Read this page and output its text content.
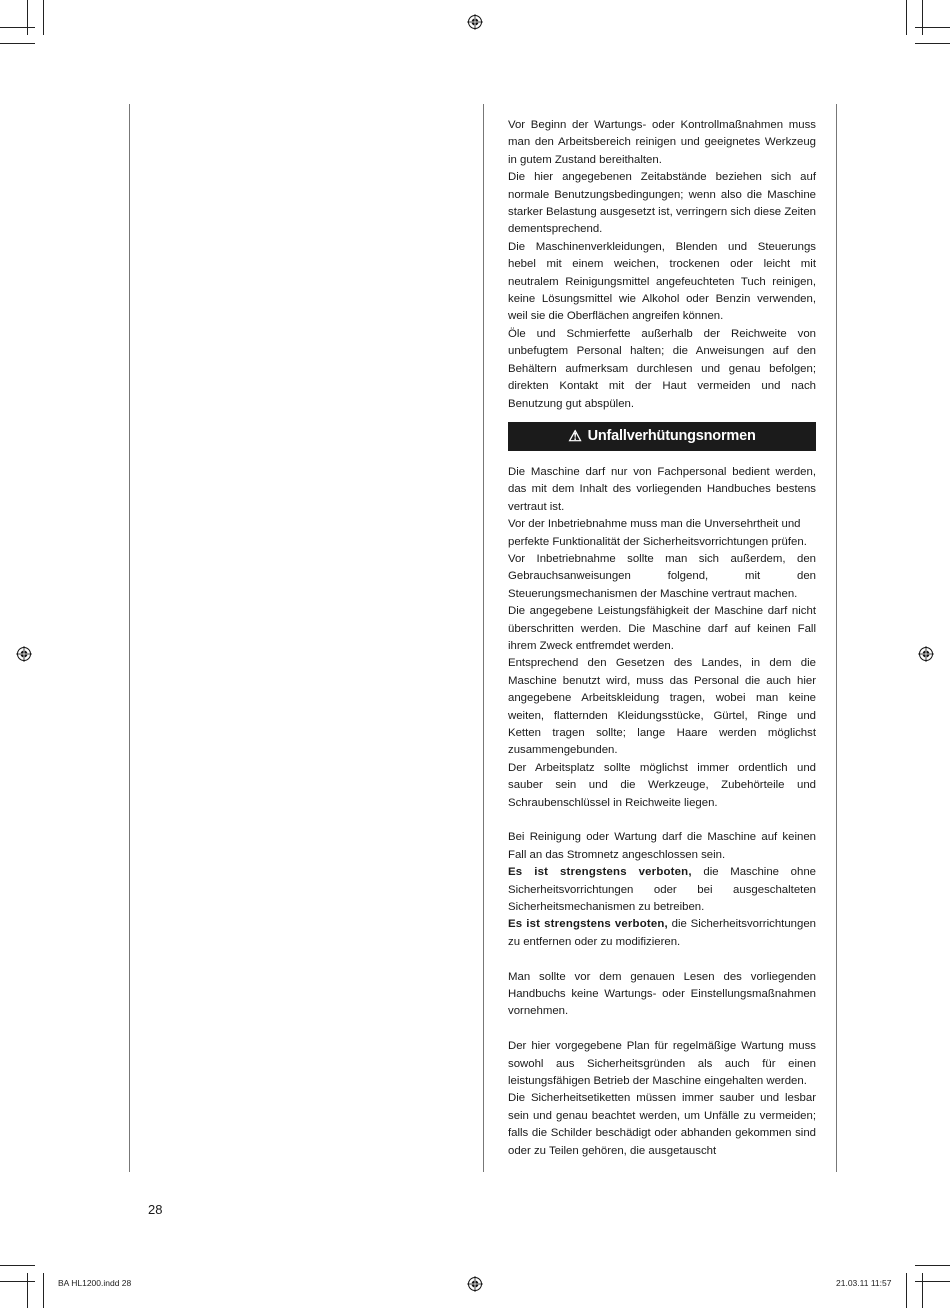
Vor Beginn der Wartungs- oder Kontrollmaßnahmen muss man den Arbeitsbereich reinigen und geeignetes Werkzeug in gutem Zustand bereithalten.

Die hier angegebenen Zeitabstände beziehen sich auf normale Benutzungsbedingungen; wenn also die Maschine starker Belastung ausgesetzt ist, verringern sich diese Zeiten dementsprechend.

Die Maschinenverkleidungen, Blenden und Steuerungs hebel mit einem weichen, trockenen oder leicht mit neutralem Reinigungsmittel angefeuchteten Tuch reinigen, keine Lösungsmittel wie Alkohol oder Benzin verwenden, weil sie die Oberflächen angreifen können.

Öle und Schmierfette außerhalb der Reichweite von unbefugtem Personal halten; die Anweisungen auf den Behältern aufmerksam durchlesen und genau befolgen; direkten Kontakt mit der Haut vermeiden und nach Benutzung gut abspülen.

⚠ Unfallverhütungsnormen

Die Maschine darf nur von Fachpersonal bedient werden, das mit dem Inhalt des vorliegenden Handbuches bestens vertraut ist.

Vor der Inbetriebnahme muss man die Unversehrtheit und perfekte Funktionalität der Sicherheitsvorrichtungen prüfen.

Vor Inbetriebnahme sollte man sich außerdem, den Gebrauchsanweisungen folgend, mit den Steuerungsmechanismen der Maschine vertraut machen.

Die angegebene Leistungsfähigkeit der Maschine darf nicht überschritten werden. Die Maschine darf auf keinen Fall ihrem Zweck entfremdet werden.

Entsprechend den Gesetzen des Landes, in dem die Maschine benutzt wird, muss das Personal die auch hier angegebene Arbeitskleidung tragen, wobei man keine weiten, flatternden Kleidungsstücke, Gürtel, Ringe und Ketten tragen sollte; lange Haare werden möglichst zusammengebunden.

Der Arbeitsplatz sollte möglichst immer ordentlich und sauber sein und die Werkzeuge, Zubehörteile und Schraubenschlüssel in Reichweite liegen.

Bei Reinigung oder Wartung darf die Maschine auf keinen Fall an das Stromnetz angeschlossen sein.

Es ist strengstens verboten, die Maschine ohne Sicherheitsvorrichtungen oder bei ausgeschalteten Sicherheitsmechanismen zu betreiben.

Es ist strengstens verboten, die Sicherheitsvorrichtungen zu entfernen oder zu modifizieren.

Man sollte vor dem genauen Lesen des vorliegenden Handbuchs keine Wartungs- oder Einstellungsmaßnahmen vornehmen.

Der hier vorgegebene Plan für regelmäßige Wartung muss sowohl aus Sicherheitsgründen als auch für einen leistungsfähigen Betrieb der Maschine eingehalten werden.

Die Sicherheitsetiketten müssen immer sauber und lesbar sein und genau beachtet werden, um Unfälle zu vermeiden; falls die Schilder beschädigt oder abhanden gekommen sind oder zu Teilen gehören, die ausgetauscht

28
BA HL1200.indd 28	21.03.11 11:57
